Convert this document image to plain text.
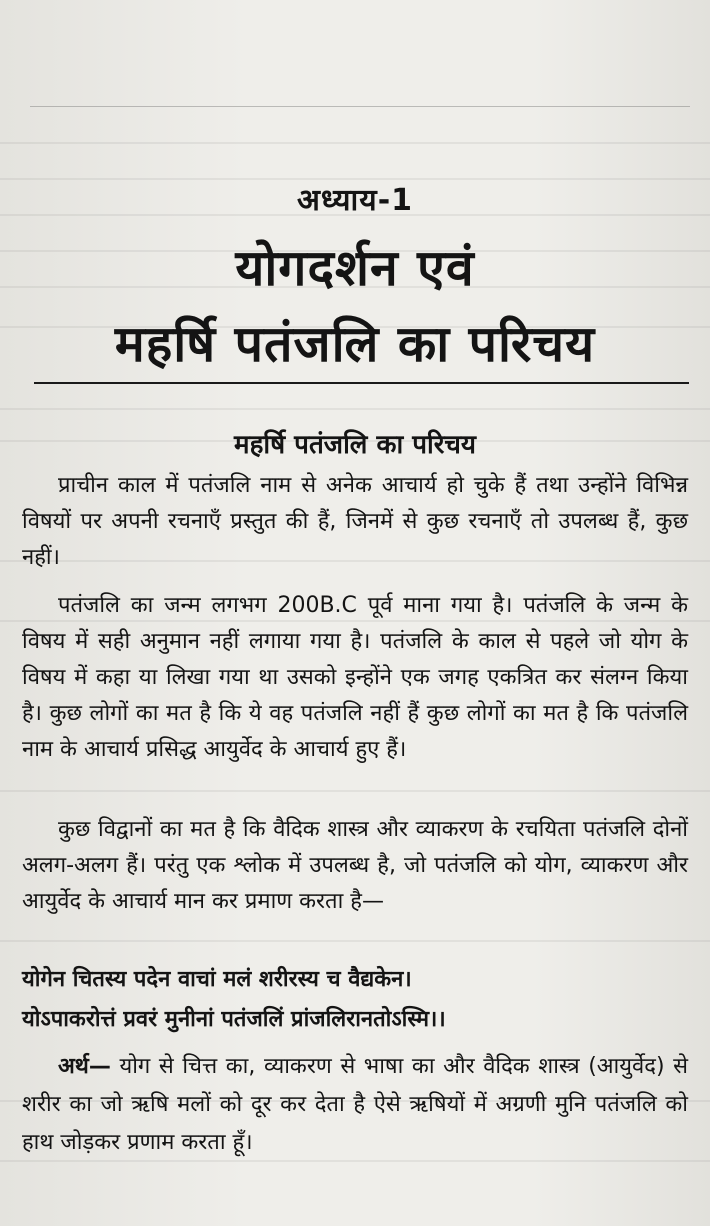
अध्याय-1
योगदर्शन एवं
महर्षि पतंजलि का परिचय
महर्षि पतंजलि का परिचय

प्राचीन काल में पतंजलि नाम से अनेक आचार्य हो चुके हैं तथा उन्होंने विभिन्न विषयों पर अपनी रचनाएँ प्रस्तुत की हैं, जिनमें से कुछ रचनाएँ तो उपलब्ध हैं, कुछ नहीं।

पतंजलि का जन्म लगभग 200B.C पूर्व माना गया है। पतंजलि के जन्म के विषय में सही अनुमान नहीं लगाया गया है। पतंजलि के काल से पहले जो योग के विषय में कहा या लिखा गया था उसको इन्होंने एक जगह एकत्रित कर संलग्न किया है। कुछ लोगों का मत है कि ये वह पतंजलि नहीं हैं कुछ लोगों का मत है कि पतंजलि नाम के आचार्य प्रसिद्ध आयुर्वेद के आचार्य हुए हैं।

कुछ विद्वानों का मत है कि वैदिक शास्त्र और व्याकरण के रचयिता पतंजलि दोनों अलग-अलग हैं। परंतु एक श्लोक में उपलब्ध है, जो पतंजलि को योग, व्याकरण और आयुर्वेद के आचार्य मान कर प्रमाण करता है—

योगेन चितस्य पदेन वाचां मलं शरीरस्य च वैद्यकेन।
योऽपाकरोत्तं प्रवरं मुनीनां पतंजलिं प्रांजलिरानतोऽस्मि।।

अर्थ— योग से चित्त का, व्याकरण से भाषा का और वैदिक शास्त्र (आयुर्वेद) से शरीर का जो ऋषि मलों को दूर कर देता है ऐसे ऋषियों में अग्रणी मुनि पतंजलि को हाथ जोड़कर प्रणाम करता हूँ।
